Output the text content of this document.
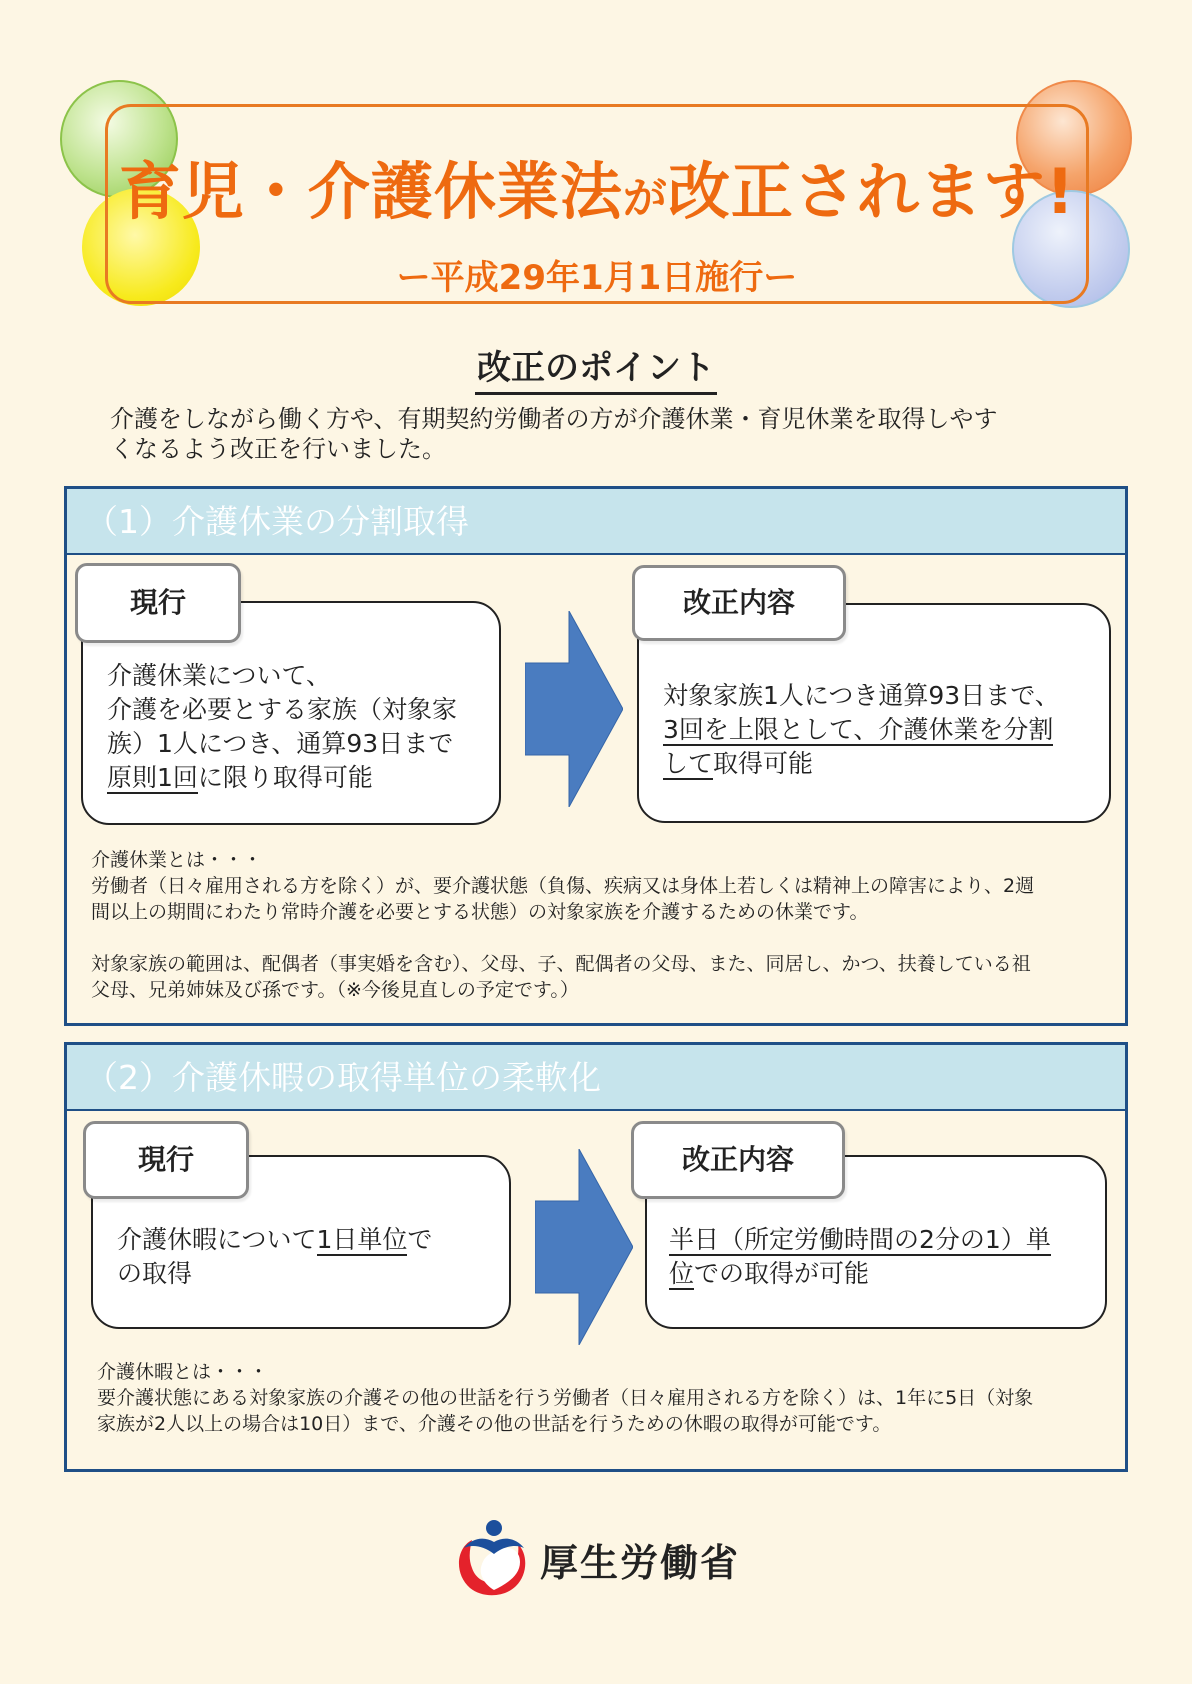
育児・介護休業法が改正されます!
ー平成29年1月1日施行ー
改正のポイント
介護をしながら働く方や、有期契約労働者の方が介護休業・育児休業を取得しやす
くなるよう改正を行いました。
（1）介護休業の分割取得
介護休業について、
介護を必要とする家族（対象家
族）1人につき、通算93日まで
原則1回に限り取得可能
現行
対象家族1人につき通算93日まで、
3回を上限として、介護休業を分割
して取得可能
改正内容
介護休業とは・・・
労働者（日々雇用される方を除く）が、要介護状態（負傷、疾病又は身体上若しくは精神上の障害により、2週
間以上の期間にわたり常時介護を必要とする状態）の対象家族を介護するための休業です。
対象家族の範囲は、配偶者（事実婚を含む）、父母、子、配偶者の父母、また、同居し、かつ、扶養している祖
父母、兄弟姉妹及び孫です。（※今後見直しの予定です。）
（2）介護休暇の取得単位の柔軟化
介護休暇について1日単位で
の取得
現行
半日（所定労働時間の2分の1）単
位での取得が可能
改正内容
介護休暇とは・・・
要介護状態にある対象家族の介護その他の世話を行う労働者（日々雇用される方を除く）は、1年に5日（対象
家族が2人以上の場合は10日）まで、介護その他の世話を行うための休暇の取得が可能です。
厚生労働省
